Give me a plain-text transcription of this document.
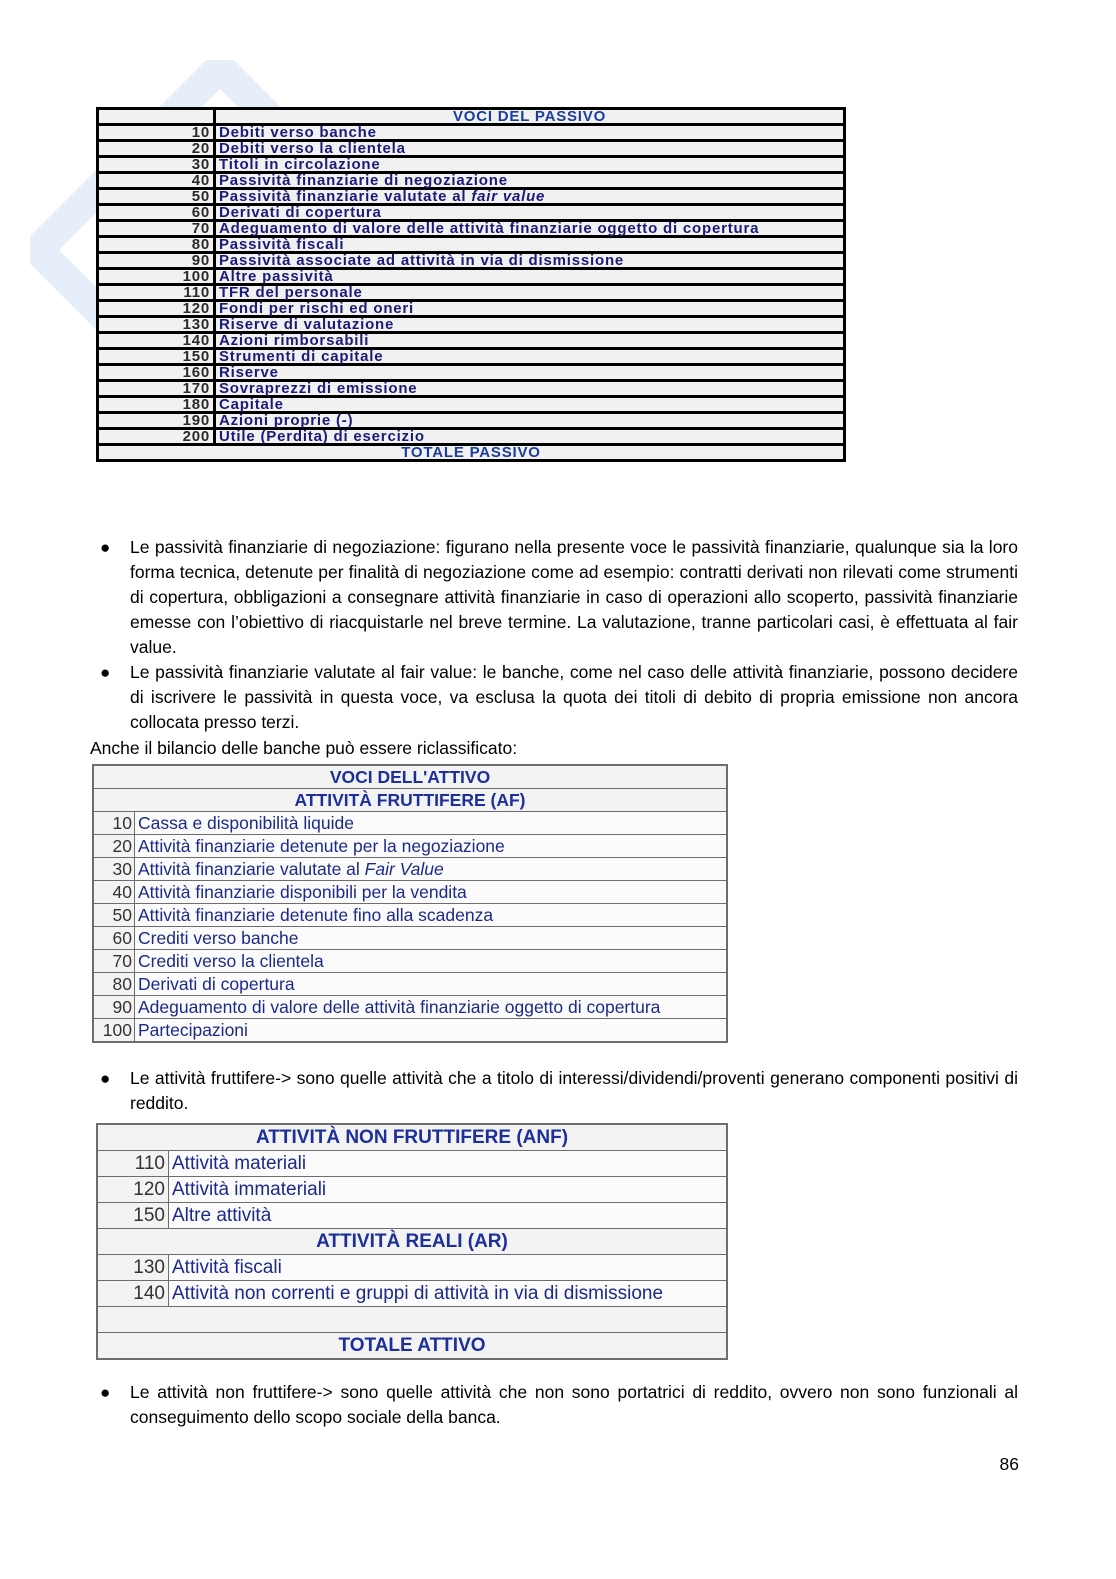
	VOCI DEL PASSIVO
10	Debiti verso banche
20	Debiti verso la clientela
30	Titoli in circolazione
40	Passività finanziarie di negoziazione
50	Passività finanziarie valutate al fair value
60	Derivati di copertura
70	Adeguamento di valore delle attività finanziarie oggetto di copertura
80	Passività fiscali
90	Passività associate ad attività in via di dismissione
100	Altre passività
110	TFR del personale
120	Fondi per rischi ed oneri
130	Riserve di valutazione
140	Azioni rimborsabili
150	Strumenti di capitale
160	Riserve
170	Sovraprezzi di emissione
180	Capitale
190	Azioni proprie (-)
200	Utile (Perdita) di esercizio
TOTALE PASSIVO	
● Le passività finanziarie di negoziazione: figurano nella presente voce le passività finanziarie, qualunque sia la loro forma tecnica, detenute per finalità di negoziazione come ad esempio: contratti derivati non rilevati come strumenti di copertura, obbligazioni a consegnare attività finanziarie in caso di operazioni allo scoperto, passività finanziarie emesse con l’obiettivo di riacquistarle nel breve termine. La valutazione, tranne particolari casi, è effettuata al fair value.
● Le passività finanziarie valutate al fair value: le banche, come nel caso delle attività finanziarie, possono decidere di iscrivere le passività in questa voce, va esclusa la quota dei titoli di debito di propria emissione non ancora collocata presso terzi.
Anche il bilancio delle banche può essere riclassificato:
VOCI DELL'ATTIVO	
ATTIVITÀ FRUTTIFERE (AF)	
10	Cassa e disponibilità liquide
20	Attività finanziarie detenute per la negoziazione
30	Attività finanziarie valutate al Fair Value
40	Attività finanziarie disponibili per la vendita
50	Attività finanziarie detenute fino alla scadenza
60	Crediti verso banche
70	Crediti verso la clientela
80	Derivati di copertura
90	Adeguamento di valore delle attività finanziarie oggetto di copertura
100	Partecipazioni
● Le attività fruttifere-> sono quelle attività che a titolo di interessi/dividendi/proventi generano componenti positivi di reddito.
ATTIVITÀ NON FRUTTIFERE (ANF)	
110	Attività materiali
120	Attività immateriali
150	Altre attività
ATTIVITÀ REALI (AR)	
130	Attività fiscali
140	Attività non correnti e gruppi di attività in via di dismissione

TOTALE ATTIVO	
● Le attività non fruttifere-> sono quelle attività che non sono portatrici di reddito, ovvero non sono funzionali al conseguimento dello scopo sociale della banca.
86
